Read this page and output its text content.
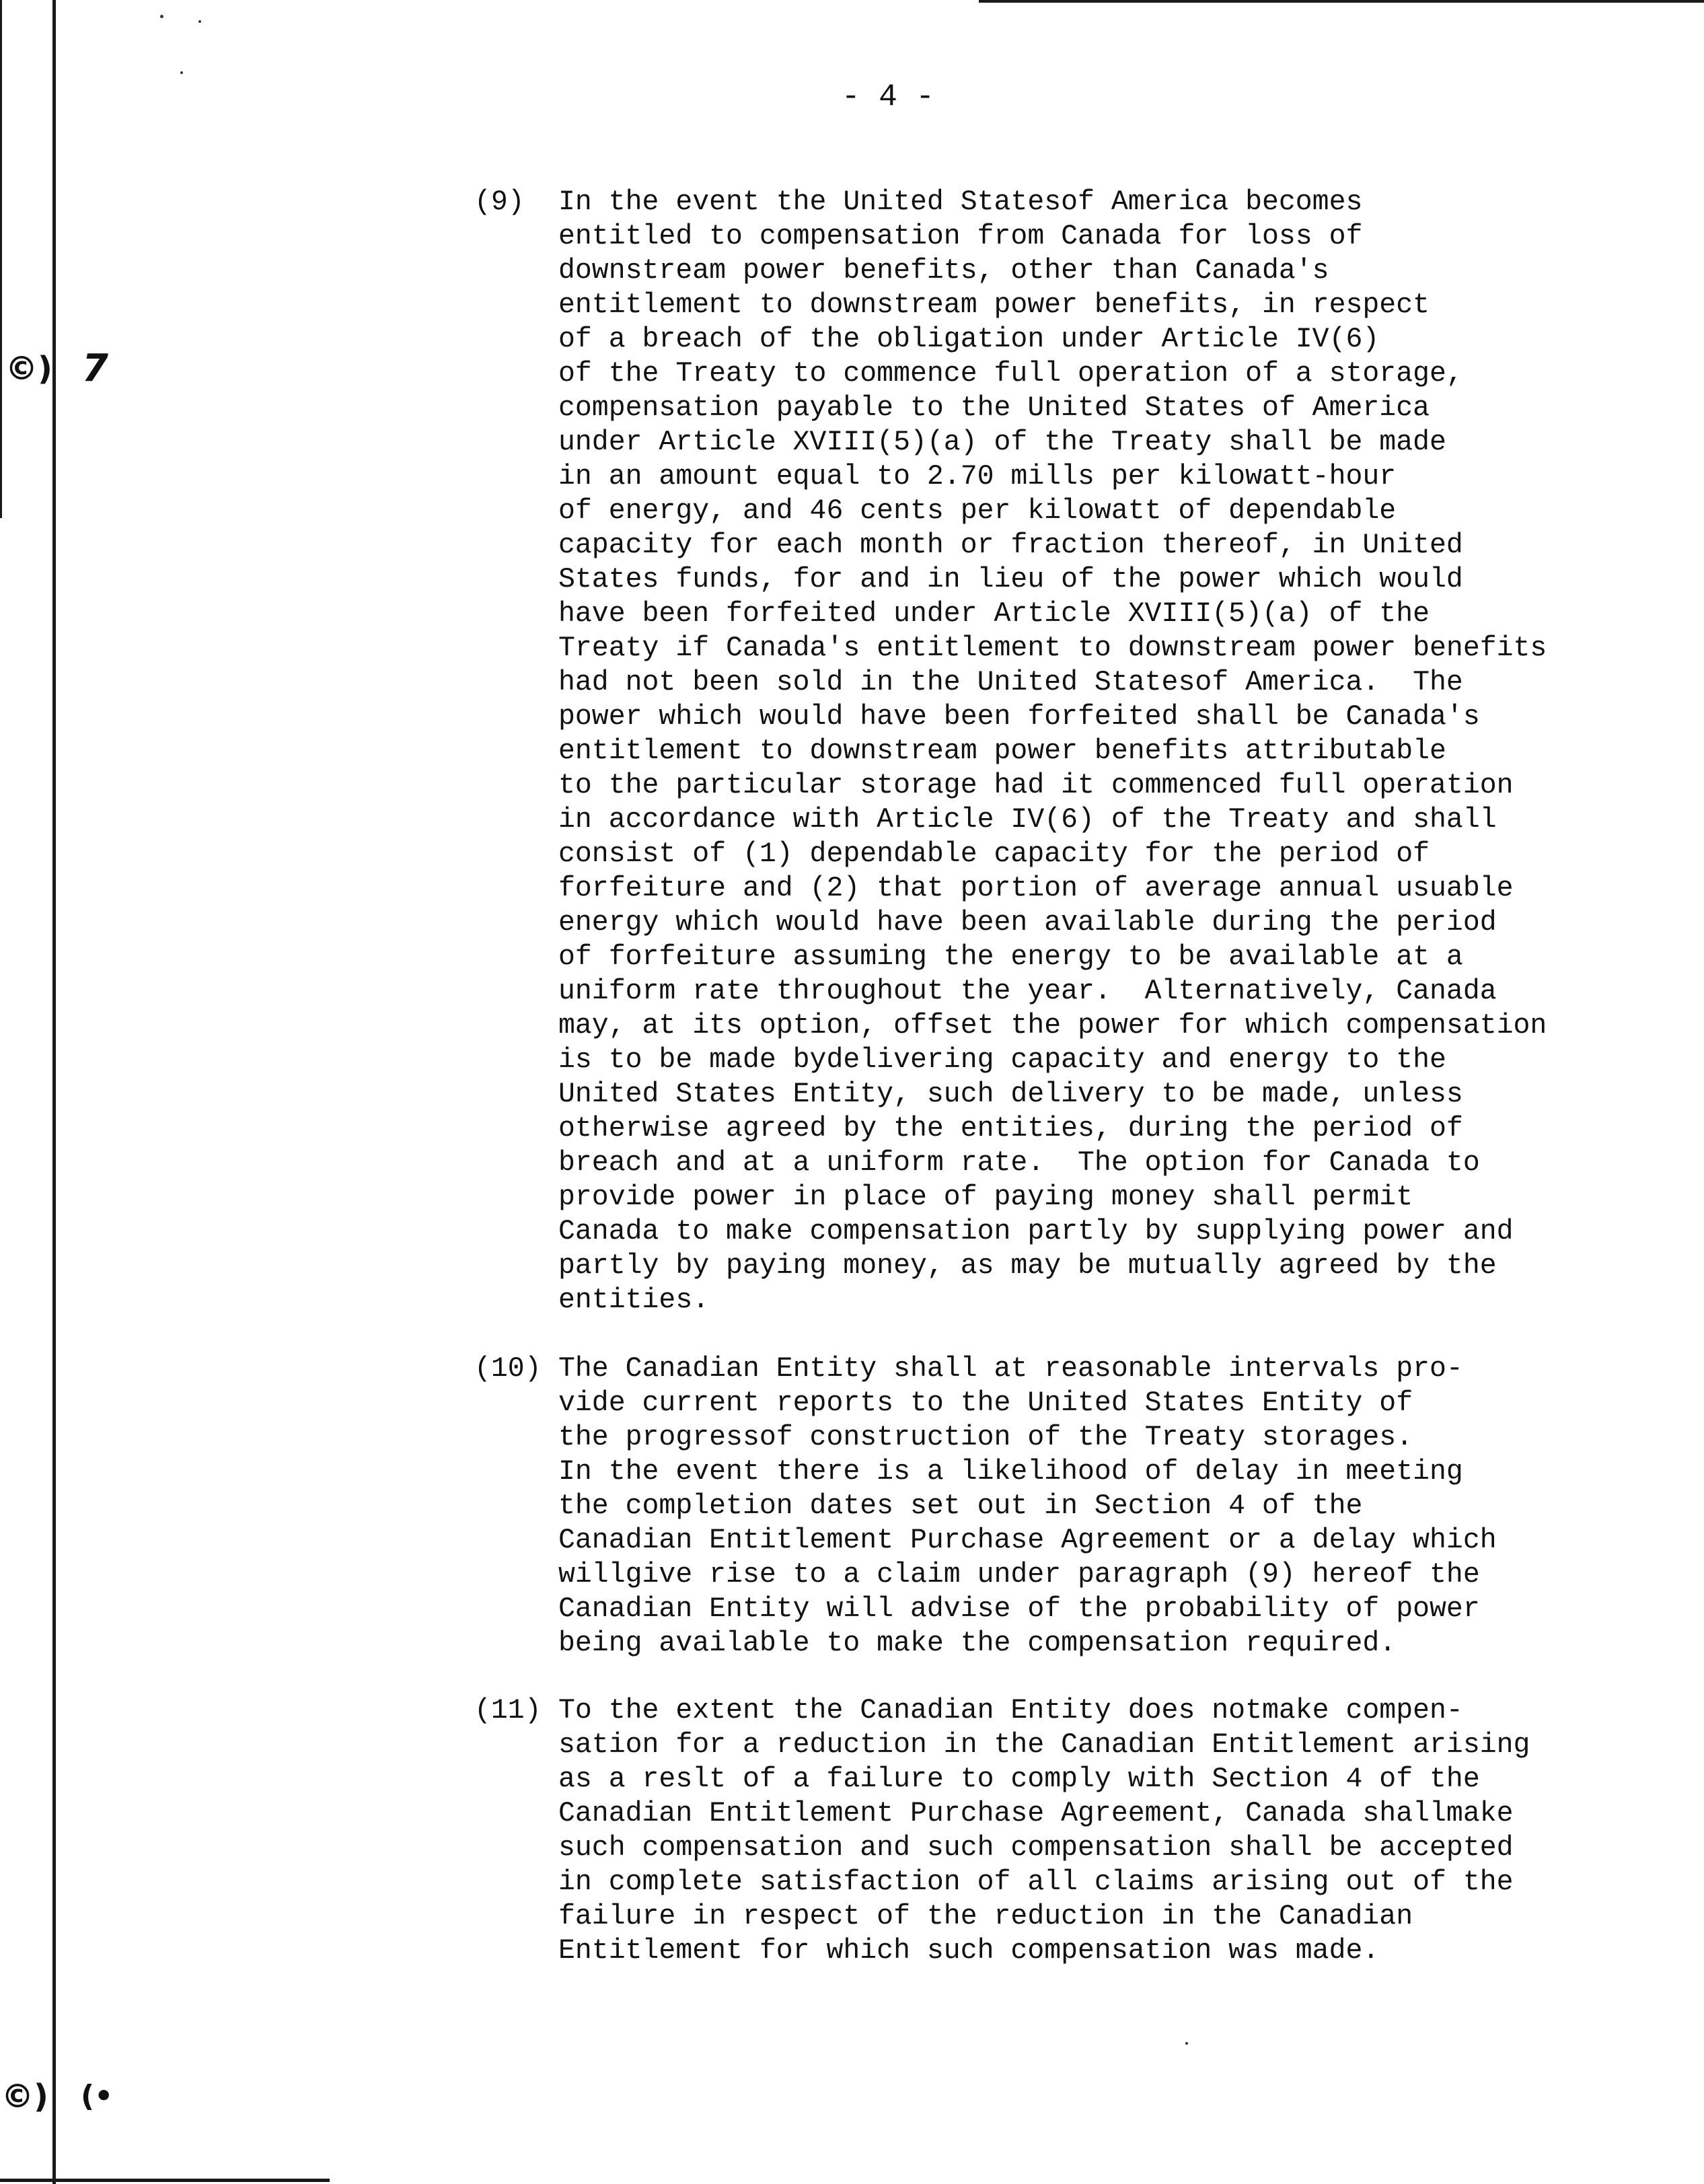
©) 7
©) (•
- 4 -
(9)	In the event the United Statesof America becomes
entitled to compensation from Canada for loss of
downstream power benefits, other than Canada's
entitlement to downstream power benefits, in respect
of a breach of the obligation under Article IV(6)
of the Treaty to commence full operation of a storage,
compensation payable to the United States of America
under Article XVIII(5)(a) of the Treaty shall be made
in an amount equal to 2.70 mills per kilowatt-hour
of energy, and 46 cents per kilowatt of dependable
capacity for each month or fraction thereof, in United
States funds, for and in lieu of the power which would
have been forfeited under Article XVIII(5)(a) of the
Treaty if Canada's entitlement to downstream power benefits
had not been sold in the United Statesof America.  The
power which would have been forfeited shall be Canada's
entitlement to downstream power benefits attributable
to the particular storage had it commenced full operation
in accordance with Article IV(6) of the Treaty and shall
consist of (1) dependable capacity for the period of
forfeiture and (2) that portion of average annual usuable
energy which would have been available during the period
of forfeiture assuming the energy to be available at a
uniform rate throughout the year.  Alternatively, Canada
may, at its option, offset the power for which compensation
is to be made bydelivering capacity and energy to the
United States Entity, such delivery to be made, unless
otherwise agreed by the entities, during the period of
breach and at a uniform rate.  The option for Canada to
provide power in place of paying money shall permit
Canada to make compensation partly by supplying power and
partly by paying money, as may be mutually agreed by the
entities.
(10) The Canadian Entity shall at reasonable intervals pro-
vide current reports to the United States Entity of
the progressof construction of the Treaty storages.
In the event there is a likelihood of delay in meeting
the completion dates set out in Section 4 of the
Canadian Entitlement Purchase Agreement or a delay which
willgive rise to a claim under paragraph (9) hereof the
Canadian Entity will advise of the probability of power
being available to make the compensation required.
(11) To the extent the Canadian Entity does notmake compen-
sation for a reduction in the Canadian Entitlement arising
as a reslt of a failure to comply with Section 4 of the
Canadian Entitlement Purchase Agreement, Canada shallmake
such compensation and such compensation shall be accepted
in complete satisfaction of all claims arising out of the
failure in respect of the reduction in the Canadian
Entitlement for which such compensation was made.
